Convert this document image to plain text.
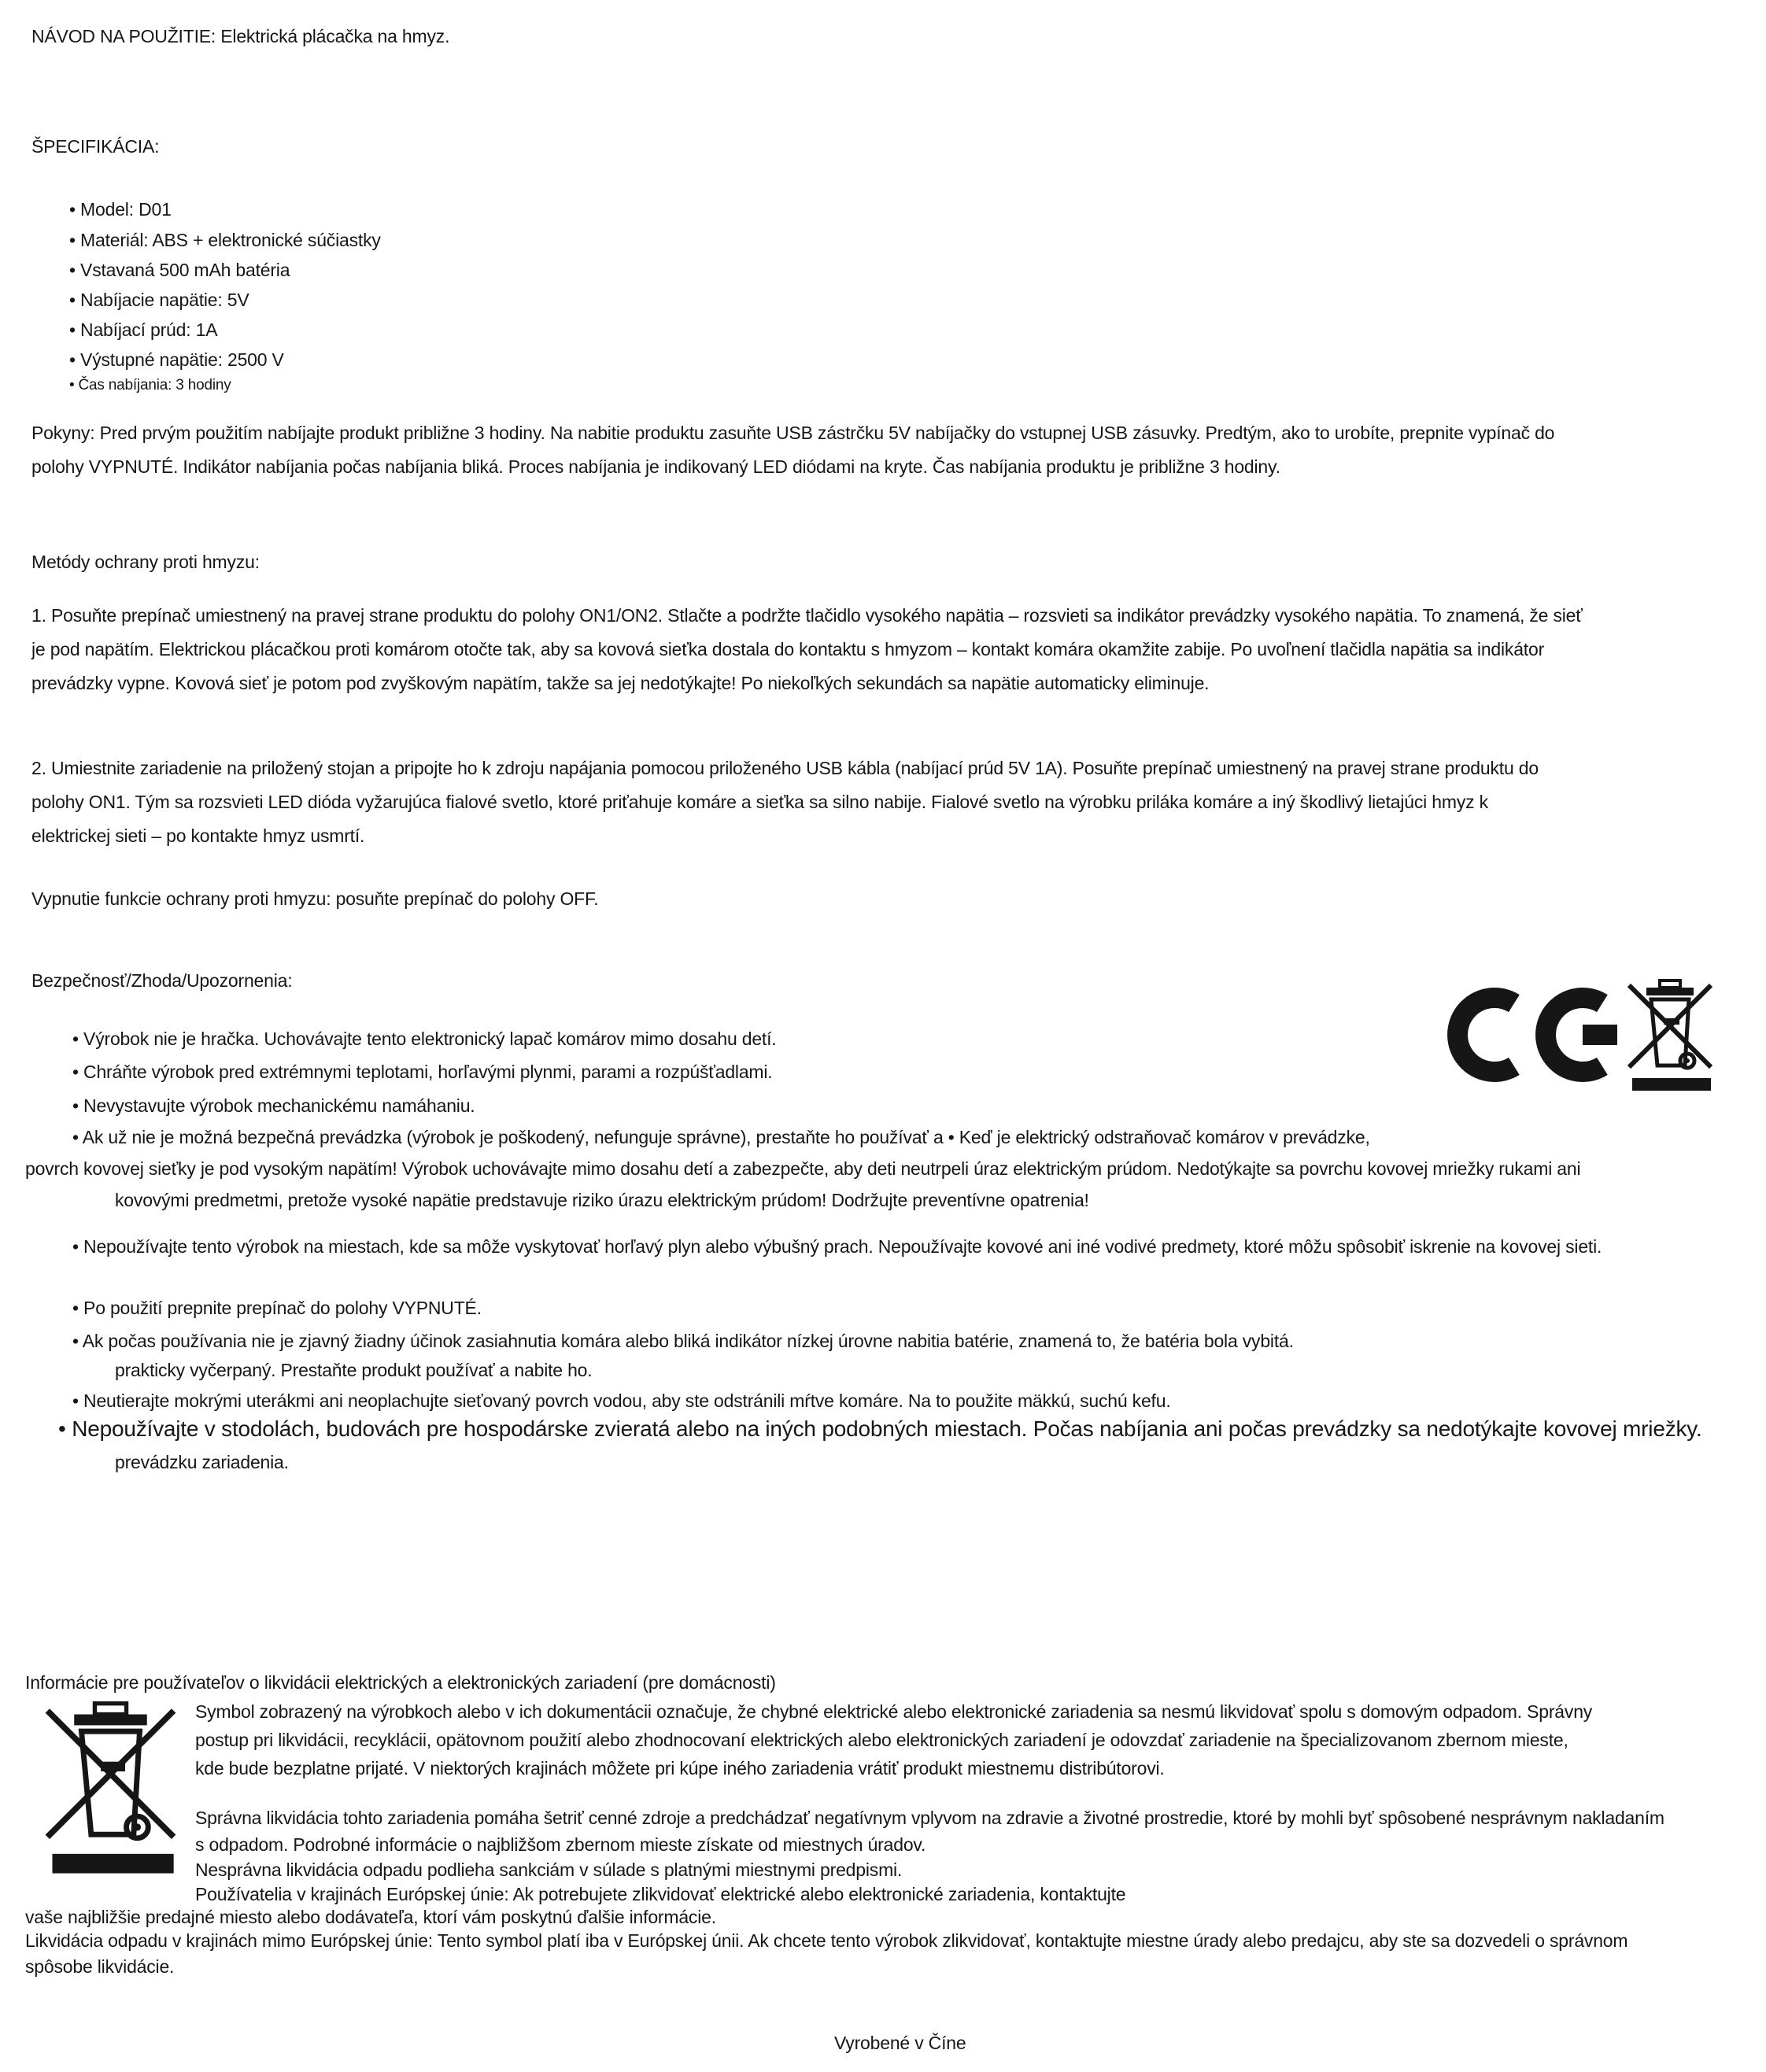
NÁVOD NA POUŽITIE: Elektrická plácačka na hmyz.
ŠPECIFIKÁCIA:
• Model: D01
• Materiál: ABS + elektronické súčiastky
• Vstavaná 500 mAh batéria
• Nabíjacie napätie: 5V
• Nabíjací prúd: 1A
• Výstupné napätie: 2500 V
• Čas nabíjania: 3 hodiny
Pokyny: Pred prvým použitím nabíjajte produkt približne 3 hodiny. Na nabitie produktu zasuňte USB zástrčku 5V nabíjačky do vstupnej USB zásuvky. Predtým, ako to urobíte, prepnite vypínač do
polohy VYPNUTÉ. Indikátor nabíjania počas nabíjania bliká. Proces nabíjania je indikovaný LED diódami na kryte. Čas nabíjania produktu je približne 3 hodiny.
Metódy ochrany proti hmyzu:
1. Posuňte prepínač umiestnený na pravej strane produktu do polohy ON1/ON2. Stlačte a podržte tlačidlo vysokého napätia – rozsvieti sa indikátor prevádzky vysokého napätia. To znamená, že sieť
je pod napätím. Elektrickou plácačkou proti komárom otočte tak, aby sa kovová sieťka dostala do kontaktu s hmyzom – kontakt komára okamžite zabije. Po uvoľnení tlačidla napätia sa indikátor
prevádzky vypne. Kovová sieť je potom pod zvyškovým napätím, takže sa jej nedotýkajte! Po niekoľkých sekundách sa napätie automaticky eliminuje.
2. Umiestnite zariadenie na priložený stojan a pripojte ho k zdroju napájania pomocou priloženého USB kábla (nabíjací prúd 5V 1A). Posuňte prepínač umiestnený na pravej strane produktu do
polohy ON1. Tým sa rozsvieti LED dióda vyžarujúca fialové svetlo, ktoré priťahuje komáre a sieťka sa silno nabije. Fialové svetlo na výrobku priláka komáre a iný škodlivý lietajúci hmyz k
elektrickej sieti – po kontakte hmyz usmrtí.
Vypnutie funkcie ochrany proti hmyzu: posuňte prepínač do polohy OFF.
Bezpečnosť/Zhoda/Upozornenia:
• Výrobok nie je hračka. Uchovávajte tento elektronický lapač komárov mimo dosahu detí.
• Chráňte výrobok pred extrémnymi teplotami, horľavými plynmi, parami a rozpúšťadlami.
• Nevystavujte výrobok mechanickému namáhaniu.
• Ak už nie je možná bezpečná prevádzka (výrobok je poškodený, nefunguje správne), prestaňte ho používať a • Keď je elektrický odstraňovač komárov v prevádzke,
povrch kovovej sieťky je pod vysokým napätím! Výrobok uchovávajte mimo dosahu detí a zabezpečte, aby deti neutrpeli úraz elektrickým prúdom. Nedotýkajte sa povrchu kovovej mriežky rukami ani
kovovými predmetmi, pretože vysoké napätie predstavuje riziko úrazu elektrickým prúdom! Dodržujte preventívne opatrenia!
• Nepoužívajte tento výrobok na miestach, kde sa môže vyskytovať horľavý plyn alebo výbušný prach. Nepoužívajte kovové ani iné vodivé predmety, ktoré môžu spôsobiť iskrenie na kovovej sieti.
• Po použití prepnite prepínač do polohy VYPNUTÉ.
• Ak počas používania nie je zjavný žiadny účinok zasiahnutia komára alebo bliká indikátor nízkej úrovne nabitia batérie, znamená to, že batéria bola vybitá.
prakticky vyčerpaný. Prestaňte produkt používať a nabite ho.
• Neutierajte mokrými uterákmi ani neoplachujte sieťovaný povrch vodou, aby ste odstránili mŕtve komáre. Na to použite mäkkú, suchú kefu.
• Nepoužívajte v stodolách, budovách pre hospodárske zvieratá alebo na iných podobných miestach. Počas nabíjania ani počas prevádzky sa nedotýkajte kovovej mriežky.
prevádzku zariadenia.
Informácie pre používateľov o likvidácii elektrických a elektronických zariadení (pre domácnosti)
Symbol zobrazený na výrobkoch alebo v ich dokumentácii označuje, že chybné elektrické alebo elektronické zariadenia sa nesmú likvidovať spolu s domovým odpadom. Správny
postup pri likvidácii, recyklácii, opätovnom použití alebo zhodnocovaní elektrických alebo elektronických zariadení je odovzdať zariadenie na špecializovanom zbernom mieste,
kde bude bezplatne prijaté. V niektorých krajinách môžete pri kúpe iného zariadenia vrátiť produkt miestnemu distribútorovi.
Správna likvidácia tohto zariadenia pomáha šetriť cenné zdroje a predchádzať negatívnym vplyvom na zdravie a životné prostredie, ktoré by mohli byť spôsobené nesprávnym nakladaním
s odpadom. Podrobné informácie o najbližšom zbernom mieste získate od miestnych úradov.
Nesprávna likvidácia odpadu podlieha sankciám v súlade s platnými miestnymi predpismi.
Používatelia v krajinách Európskej únie: Ak potrebujete zlikvidovať elektrické alebo elektronické zariadenia, kontaktujte
vaše najbližšie predajné miesto alebo dodávateľa, ktorí vám poskytnú ďalšie informácie.
Likvidácia odpadu v krajinách mimo Európskej únie: Tento symbol platí iba v Európskej únii. Ak chcete tento výrobok zlikvidovať, kontaktujte miestne úrady alebo predajcu, aby ste sa dozvedeli o správnom
spôsobe likvidácie.
Vyrobené v Číne
